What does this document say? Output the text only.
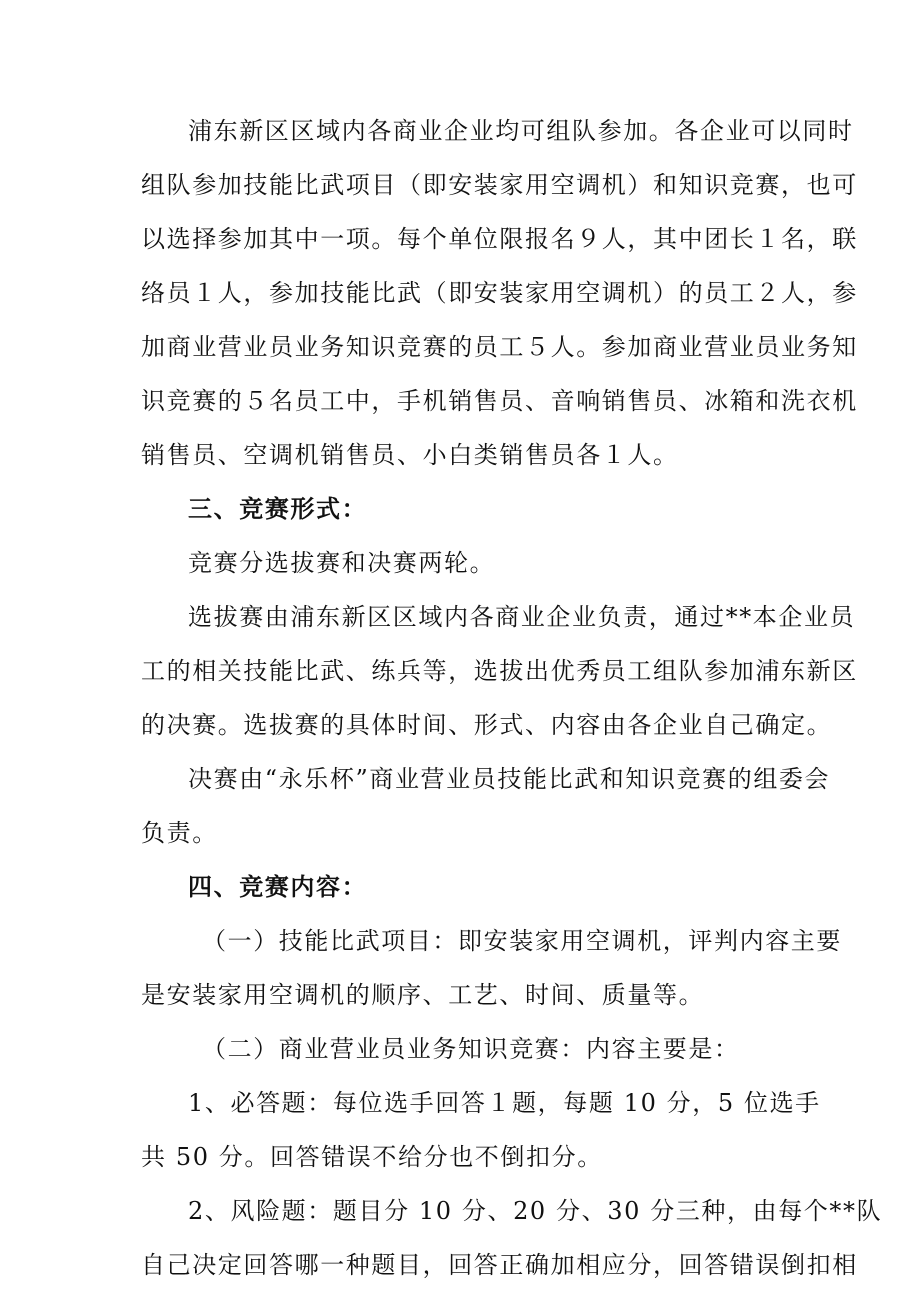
浦东新区区域内各商业企业均可组队参加。各企业可以同时
组队参加技能比武项目（即安装家用空调机）和知识竞赛，也可
以选择参加其中一项。每个单位限报名９人，其中团长１名，联
络员１人，参加技能比武（即安装家用空调机）的员工２人，参
加商业营业员业务知识竞赛的员工５人。参加商业营业员业务知
识竞赛的５名员工中，手机销售员、音响销售员、冰箱和洗衣机
销售员、空调机销售员、小白类销售员各１人。
三、竞赛形式：
竞赛分选拔赛和决赛两轮。
选拔赛由浦东新区区域内各商业企业负责，通过**本企业员
工的相关技能比武、练兵等，选拔出优秀员工组队参加浦东新区
的决赛。选拔赛的具体时间、形式、内容由各企业自己确定。
决赛由“永乐杯”商业营业员技能比武和知识竞赛的组委会
负责。
四、竞赛内容：
（一）技能比武项目：即安装家用空调机，评判内容主要
是安装家用空调机的顺序、工艺、时间、质量等。
（二）商业营业员业务知识竞赛：内容主要是：
1、必答题：每位选手回答１题，每题 10 分，5 位选手
共 50 分。回答错误不给分也不倒扣分。
2、风险题：题目分 10 分、20 分、30 分三种，由每个**队
自己决定回答哪一种题目，回答正确加相应分，回答错误倒扣相
